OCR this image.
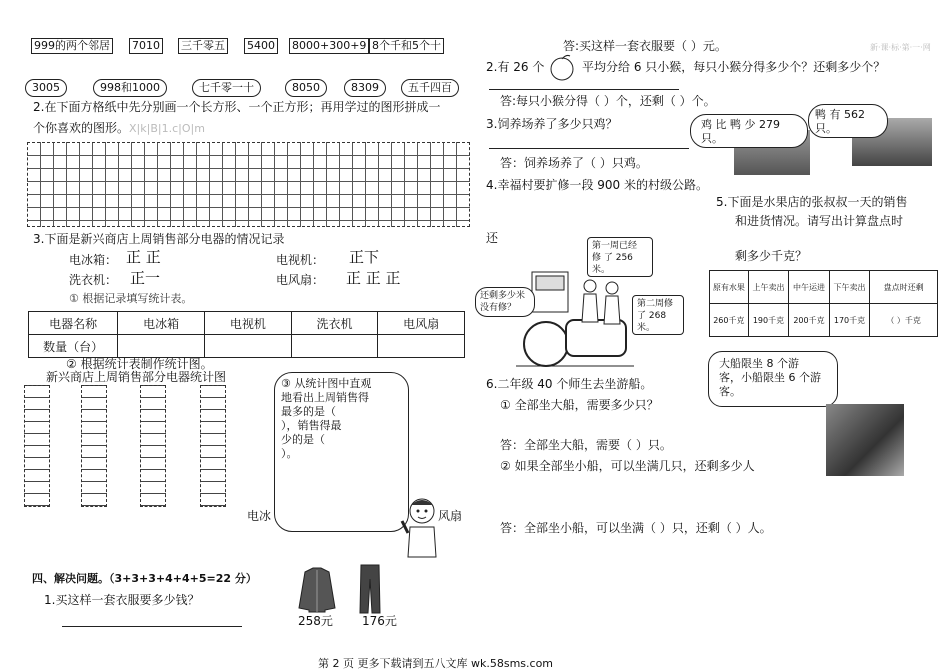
999的两个邻居 7010 三千零五 5400 8000+300+9 8个千和5个十
3005	998和1000	七千零一十	8050	8309	五千四百
2.在下面方格纸中先分别画一个长方形、一个正方形；再用学过的图形拼成一
个你喜欢的图形。X|k|B|1.c|O|m
3.下面是新兴商店上周销售部分电器的情况记录
电冰箱： 正 正	电视机： 正下
洗衣机： 正一	电风扇： 正 正 正
① 根据记录填写统计表。
电器名称	电冰箱	电视机	洗衣机	电风扇
数量（台）				
② 根据统计表制作统计图。
新兴商店上周销售部分电器统计图
电冰	风扇
③ 从统计图中直观
地看出上周销售得
最多的是（
），销售得最
少的是（
）。
四、解决问题。（3+3+3+4+4+5=22 分）
1.买这样一套衣服要多少钱？
258元 176元
答:买这样一套衣服要（ ）元。	新·课·标·第·一·网
2.有 26 个	平均分给 6 只小猴，每只小猴分得多少个？还剩多少个？
答:每只小猴分得（ ）个，还剩（ ）个。
3.饲养场养了多少只鸡？	鸡 比 鸭 少 279
只。
鸭 有 562
只。
答：饲养场养了（ ）只鸡。
4.幸福村要扩修一段 900 米的村级公路。
还
5.下面是水果店的张叔叔一天的销售
和进货情况。请写出计算盘点时
剩多少千克？
第一周已经
修 了 256
米。
还剩多少米
没有修？	第二周修
了 268
米。
原有水果	上午卖出	中午运进	下午卖出	盘点时还剩
260千克	190千克	200千克	170千克	（ ）千克
6.二年级 40 个师生去坐游船。
① 全部坐大船，需要多少只？
大船限坐 8 个游
客，小船限坐 6 个游
客。
答：全部坐大船，需要（ ）只。
② 如果全部坐小船，可以坐满几只，还剩多少人
答：全部坐小船，可以坐满（ ）只，还剩（ ）人。
第 2 页 更多下载请到五八文库 wk.58sms.com
